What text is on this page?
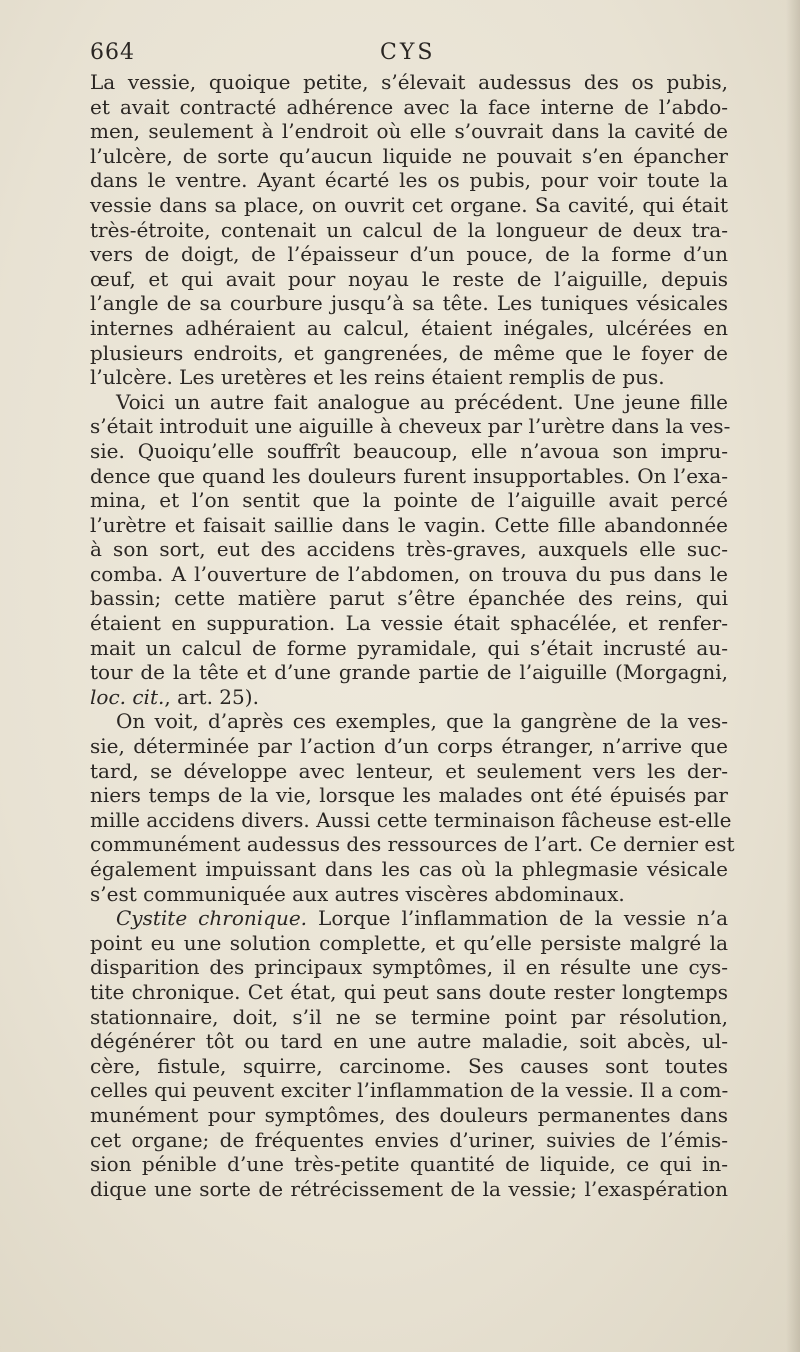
664	CYS
La vessie, quoique petite, s’élevait audessus des os pubis,
et avait contracté adhérence avec la face interne de l’abdo-
men, seulement à l’endroit où elle s’ouvrait dans la cavité de
l’ulcère, de sorte qu’aucun liquide ne pouvait s’en épancher
dans le ventre. Ayant écarté les os pubis, pour voir toute la
vessie dans sa place, on ouvrit cet organe. Sa cavité, qui était
très-étroite, contenait un calcul de la longueur de deux tra-
vers de doigt, de l’épaisseur d’un pouce, de la forme d’un
œuf, et qui avait pour noyau le reste de l’aiguille, depuis
l’angle de sa courbure jusqu’à sa tête. Les tuniques vésicales
internes adhéraient au calcul, étaient inégales, ulcérées en
plusieurs endroits, et gangrenées, de même que le foyer de
l’ulcère. Les uretères et les reins étaient remplis de pus.
Voici un autre fait analogue au précédent. Une jeune fille
s’était introduit une aiguille à cheveux par l’urètre dans la ves-
sie. Quoiqu’elle souffrît beaucoup, elle n’avoua son impru-
dence que quand les douleurs furent insupportables. On l’exa-
mina, et l’on sentit que la pointe de l’aiguille avait percé
l’urètre et faisait saillie dans le vagin. Cette fille abandonnée
à son sort, eut des accidens très-graves, auxquels elle suc-
comba. A l’ouverture de l’abdomen, on trouva du pus dans le
bassin; cette matière parut s’être épanchée des reins, qui
étaient en suppuration. La vessie était sphacélée, et renfer-
mait un calcul de forme pyramidale, qui s’était incrusté au-
tour de la tête et d’une grande partie de l’aiguille (Morgagni,
loc. cit., art. 25).
On voit, d’après ces exemples, que la gangrène de la ves-
sie, déterminée par l’action d’un corps étranger, n’arrive que
tard, se développe avec lenteur, et seulement vers les der-
niers temps de la vie, lorsque les malades ont été épuisés par
mille accidens divers. Aussi cette terminaison fâcheuse est-elle
communément audessus des ressources de l’art. Ce dernier est
également impuissant dans les cas où la phlegmasie vésicale
s’est communiquée aux autres viscères abdominaux.
Cystite chronique. Lorque l’inflammation de la vessie n’a
point eu une solution complette, et qu’elle persiste malgré la
disparition des principaux symptômes, il en résulte une cys-
tite chronique. Cet état, qui peut sans doute rester longtemps
stationnaire, doit, s’il ne se termine point par résolution,
dégénérer tôt ou tard en une autre maladie, soit abcès, ul-
cère, fistule, squirre, carcinome. Ses causes sont toutes
celles qui peuvent exciter l’inflammation de la vessie. Il a com-
munément pour symptômes, des douleurs permanentes dans
cet organe; de fréquentes envies d’uriner, suivies de l’émis-
sion pénible d’une très-petite quantité de liquide, ce qui in-
dique une sorte de rétrécissement de la vessie; l’exaspération
